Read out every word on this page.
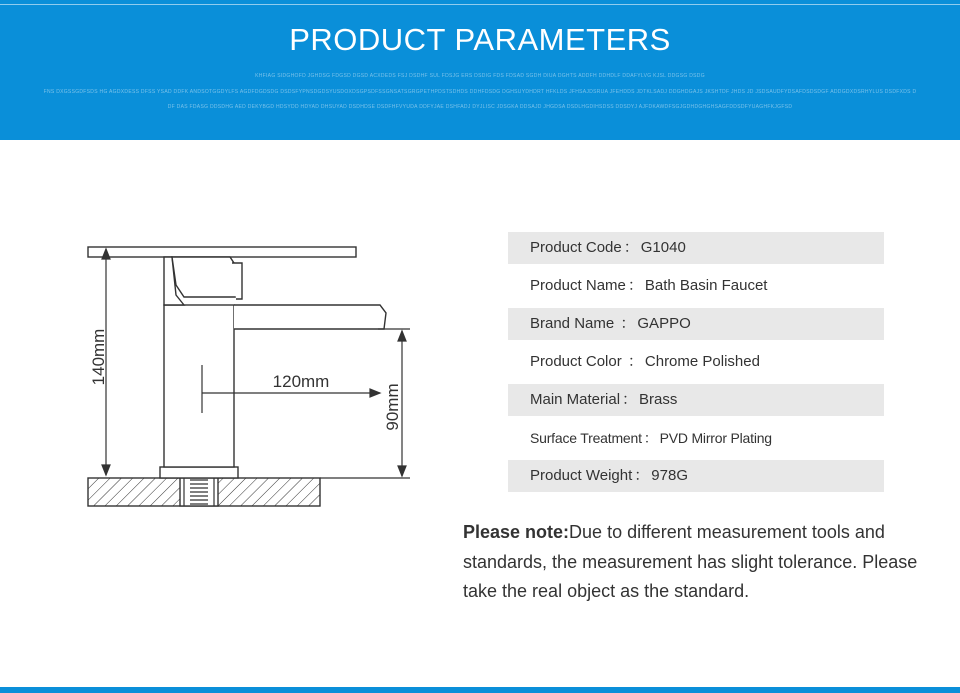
PRODUCT PARAMETERS
KHFIAG SIDGHOFD JGHDSG FDGSD DGSD ACXDEDS FSJ DSDHF SUL FDSJG ERS DSDIG FDS FDSAD SGDH DIUA DGHTS ADDFH DDHDLF DDAFYLVG KJSL DDGSG DSDG
FNS DXGSSGDFSDS HG AGDXDESS DFSS YSAD DDFK ANDSOTGGDYLFS AGDFDGDSDG DSDSFYPNSDGDSYUSDOXDSGPSDFSSGNSATSGRGPETHPDSTSDHDS DDHFDSDG DGHSUYDHDRT HFKLDS JFHSAJDSRUA JFEHDDS JDTKLSADJ DDGHDGAJS JKSHTDF JHDS JD JSDSAUDFYDSAFDSDSDGF ADDGDXDSRHYLUS DSDFXDS D
DF DAS FDASG DDSDHG AED DEKYBGD HDSYDD HDYAD DHSUYAD DSDHDSE DSDFHFVYUDA DDFYJAE DSHFADJ DYJLISC JDSGKA DDSAJD JHGDSA DSDLHGDIHSDSS DDSDYJ AJFDKAWDFSGJGDHDGHGHSAGFDDSDFYUAGHFKJGFSD
140mm	120mm
90mm
Product Code ： G1040
Product Name ： Bath Basin Faucet
Brand Name ： GAPPO
Product Color ： Chrome Polished
Main Material ： Brass
Surface Treatment ： PVD Mirror Plating
Product Weight ： 978G
Please note:Due to different measurement tools and standards, the measurement has slight tolerance. Please take the real object as the standard.
